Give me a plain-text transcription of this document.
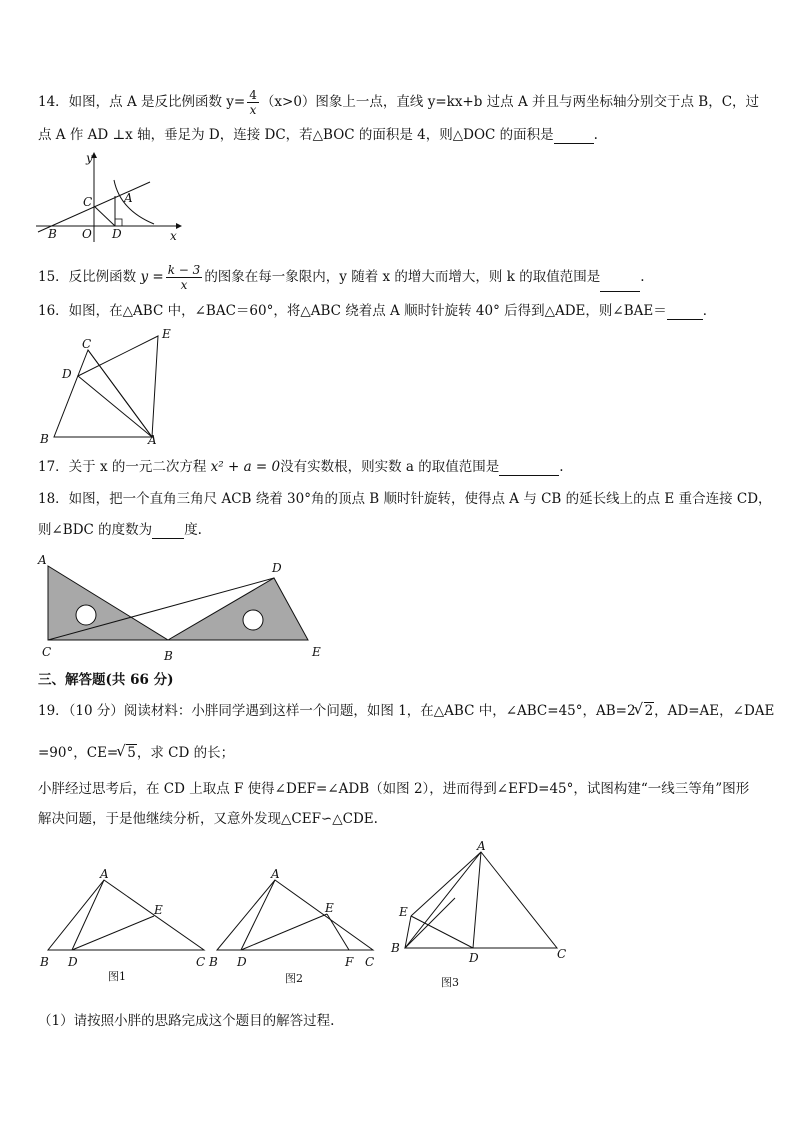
14．如图，点 A 是反比例函数 $y= \frac{4}{x} (x>0)$图象上一点，直线 y=kx+b 过点 A 并且与两坐标轴分别交于点 B，C，过
点 A 作 AD ⊥x 轴，垂足为 D，连接 DC，若△BOC 的面积是 4，则△DOC 的面积是	.
y
x
C	A
B O D
15．反比例函数 $y = \frac{k - 3}{x}$ 的图象在每一象限内，y 随着 x 的增大而增大，则 k 的取值范围是	.
16．如图，在△ABC 中，∠BAC＝60°，将△ABC 绕着点 A 顺时针旋转 40° 后得到△ADE，则∠BAE＝	．
C
E
D
B	A
17．关于 x 的一元二次方程 x² + a = 0没有实数根，则实数 a 的取值范围是	.
18．如图，把一个直角三角尺 ACB 绕着 30°角的顶点 B 顺时针旋转，使得点 A 与 CB 的延长线上的点 E 重合连接 CD，
则∠BDC 的度数为 度.
A
D
C	B	E
三、解答题(共 66 分)
19．（10 分）阅读材料：小胖同学遇到这样一个问题，如图 1，在△ABC 中，∠ABC=45°，AB=2 √ 2，AD=AE，∠DAE
=90°，CE= √ 5，求 CD 的长；
小胖经过思考后，在 CD 上取点 F 使得∠DEF=∠ADB（如图 2），进而得到∠EFD=45°，试图构建“一线三等角”图形
解决问题，于是他继续分析，又意外发现△CEF∽△CDE.
A
E
B D	C
图1
A
E
B D	F C
图2
A
E
B
D	C
图3
（1）请按照小胖的思路完成这个题目的解答过程.
